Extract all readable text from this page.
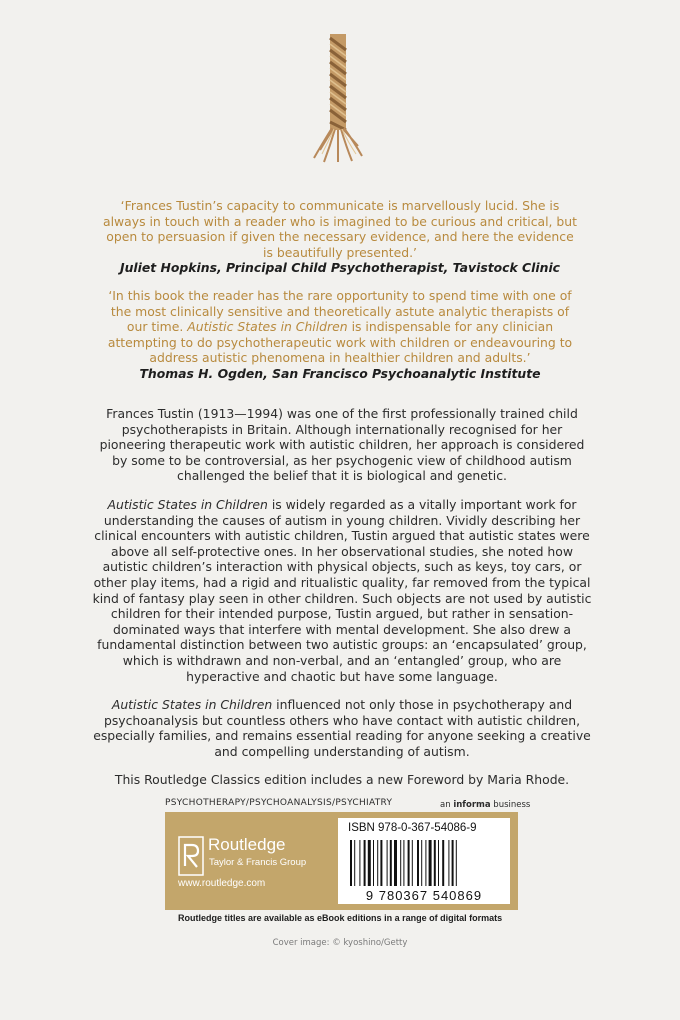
‘Frances Tustin’s capacity to communicate is marvellously lucid. She is always in touch with a reader who is imagined to be curious and critical, but open to persuasion if given the necessary evidence, and here the evidence is beautifully presented.’
Juliet Hopkins, Principal Child Psychotherapist, Tavistock Clinic
‘In this book the reader has the rare opportunity to spend time with one of the most clinically sensitive and theoretically astute analytic therapists of our time. Autistic States in Children is indispensable for any clinician attempting to do psychotherapeutic work with children or endeavouring to address autistic phenomena in healthier children and adults.’
Thomas H. Ogden, San Francisco Psychoanalytic Institute

Frances Tustin (1913—1994) was one of the first professionally trained child psychotherapists in Britain. Although internationally recognised for her pioneering therapeutic work with autistic children, her approach is considered by some to be controversial, as her psychogenic view of childhood autism challenged the belief that it is biological and genetic.

Autistic States in Children is widely regarded as a vitally important work for understanding the causes of autism in young children. Vividly describing her clinical encounters with autistic children, Tustin argued that autistic states were above all self-protective ones. In her observational studies, she noted how autistic children’s interaction with physical objects, such as keys, toy cars, or other play items, had a rigid and ritualistic quality, far removed from the typical kind of fantasy play seen in other children. Such objects are not used by autistic children for their intended purpose, Tustin argued, but rather in sensation-dominated ways that interfere with mental development. She also drew a fundamental distinction between two autistic groups: an ‘encapsulated’ group, which is withdrawn and non-verbal, and an ‘entangled’ group, who are hyperactive and chaotic but have some language.

Autistic States in Children influenced not only those in psychotherapy and psychoanalysis but countless others who have contact with autistic children, especially families, and remains essential reading for anyone seeking a creative and compelling understanding of autism.

This Routledge Classics edition includes a new Foreword by Maria Rhode.

PSYCHOTHERAPY/PSYCHOANALYSIS/PSYCHIATRY	an informa business
Routledge
Taylor & Francis Group
www.routledge.com
ISBN 978-0-367-54086-9
9 780367 540869
Routledge titles are available as eBook editions in a range of digital formats
Cover image: © kyoshino/Getty
